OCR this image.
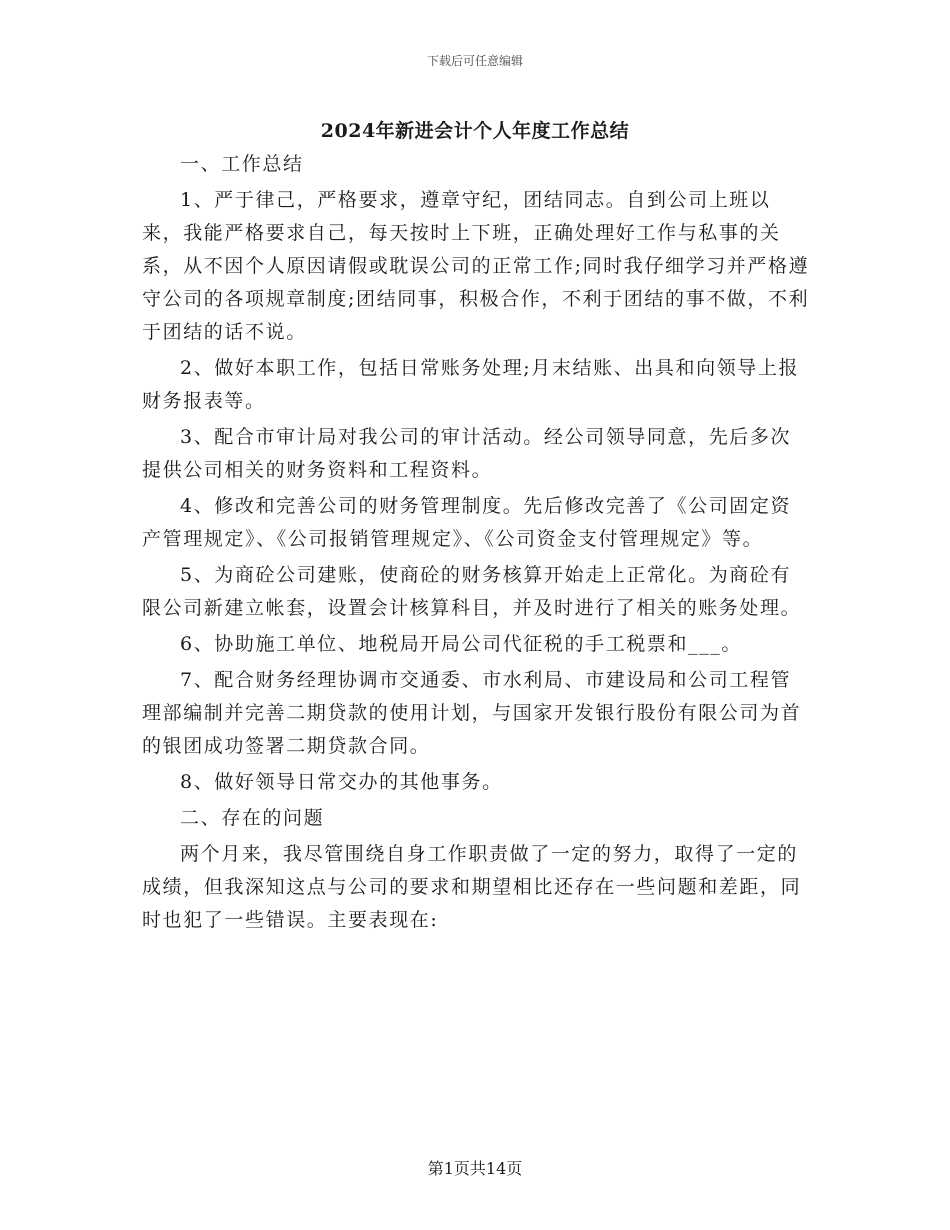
下载后可任意编辑
2024年新进会计个人年度工作总结

一、工作总结

1、严于律己，严格要求，遵章守纪，团结同志。自到公司上班以来，我能严格要求自己，每天按时上下班，正确处理好工作与私事的关系，从不因个人原因请假或耽误公司的正常工作;同时我仔细学习并严格遵守公司的各项规章制度;团结同事，积极合作，不利于团结的事不做，不利于团结的话不说。

2、做好本职工作，包括日常账务处理;月末结账、出具和向领导上报财务报表等。

3、配合市审计局对我公司的审计活动。经公司领导同意，先后多次提供公司相关的财务资料和工程资料。

4、修改和完善公司的财务管理制度。先后修改完善了《公司固定资产管理规定》、《公司报销管理规定》、《公司资金支付管理规定》等。

5、为商砼公司建账，使商砼的财务核算开始走上正常化。为商砼有限公司新建立帐套，设置会计核算科目，并及时进行了相关的账务处理。

6、协助施工单位、地税局开局公司代征税的手工税票和___。

7、配合财务经理协调市交通委、市水利局、市建设局和公司工程管理部编制并完善二期贷款的使用计划，与国家开发银行股份有限公司为首的银团成功签署二期贷款合同。

8、做好领导日常交办的其他事务。

二、存在的问题

两个月来，我尽管围绕自身工作职责做了一定的努力，取得了一定的成绩，但我深知这点与公司的要求和期望相比还存在一些问题和差距，同时也犯了一些错误。主要表现在:

第1页共14页
